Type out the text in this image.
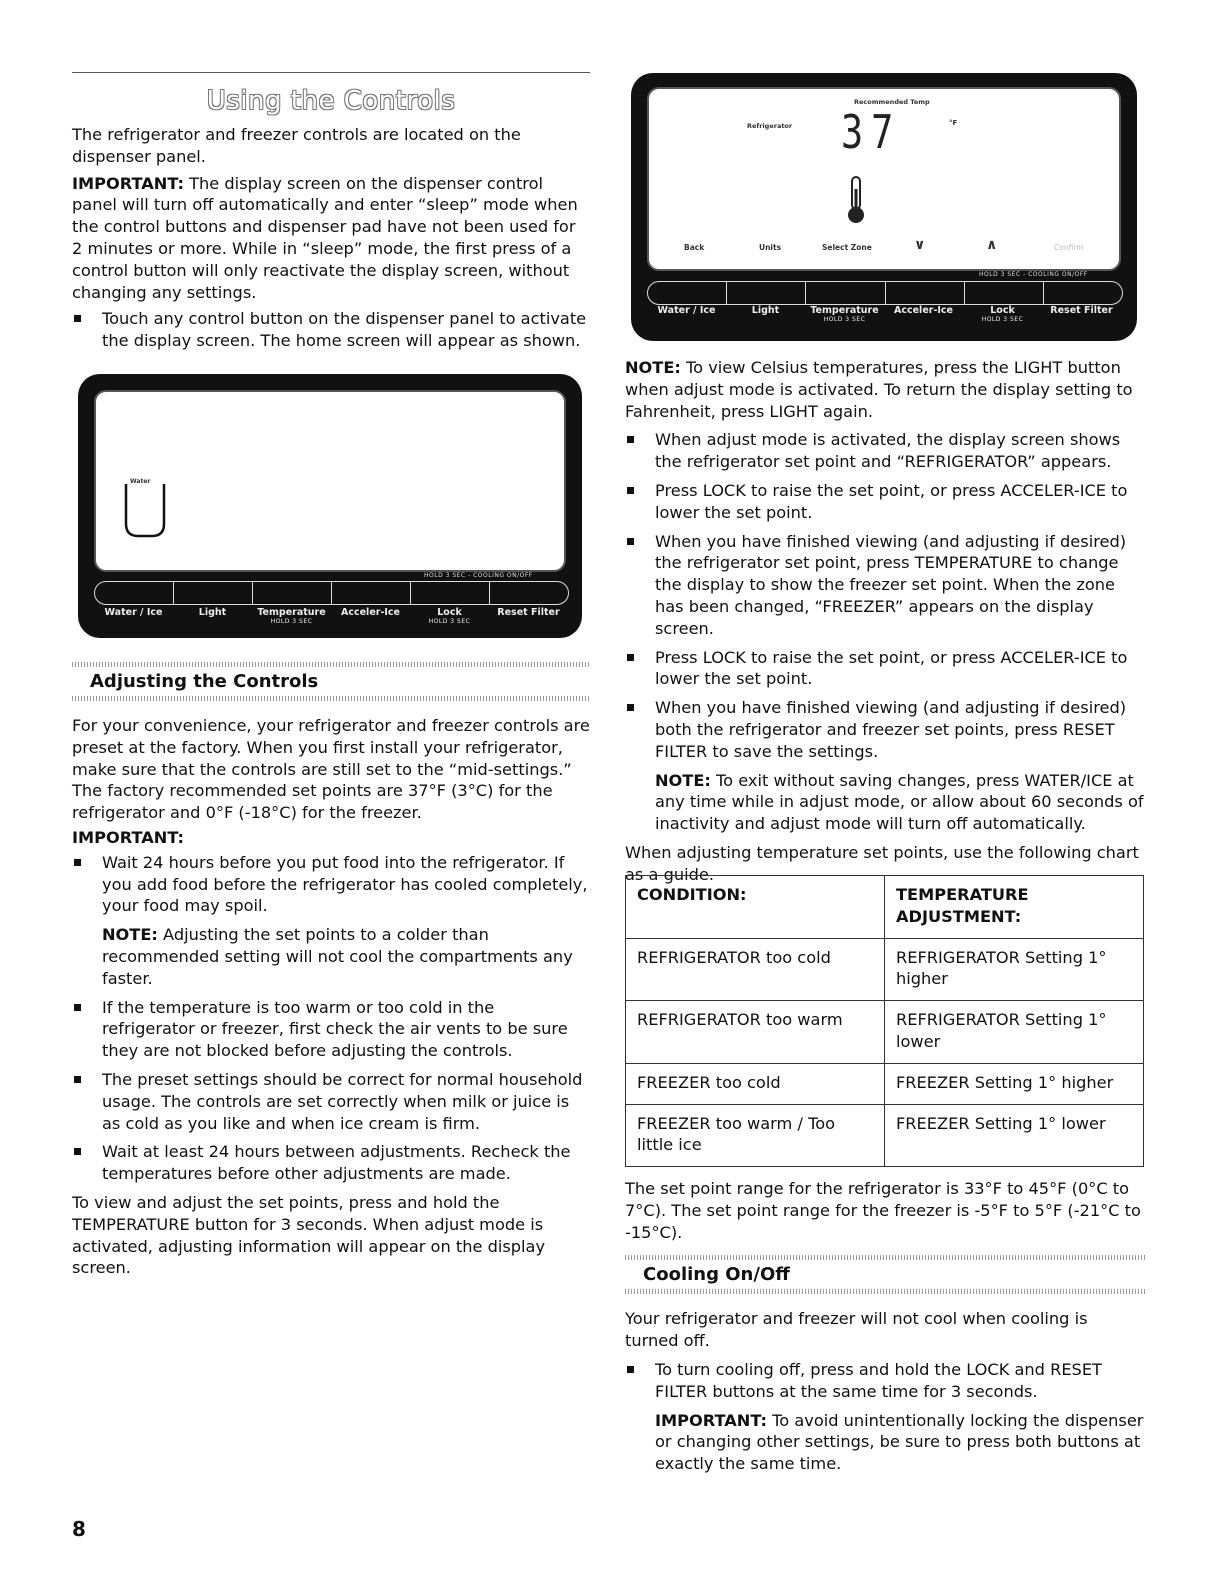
Using the Controls

The refrigerator and freezer controls are located on the dispenser panel.

IMPORTANT: The display screen on the dispenser control panel will turn off automatically and enter “sleep” mode when the control buttons and dispenser pad have not been used for 2 minutes or more. While in “sleep” mode, the first press of a control button will only reactivate the display screen, without changing any settings.

Touch any control button on the dispenser panel to activate the display screen. The home screen will appear as shown.
Water
HOLD 3 SEC - COOLING ON/OFF
Water / Ice	Light	Temperature
HOLD 3 SEC
Acceler-Ice	Lock
HOLD 3 SEC
Reset Filter
Adjusting the Controls

For your convenience, your refrigerator and freezer controls are preset at the factory. When you first install your refrigerator, make sure that the controls are still set to the “mid-settings.” The factory recommended set points are 37°F (3°C) for the refrigerator and 0°F (-18°C) for the freezer.

IMPORTANT:

Wait 24 hours before you put food into the refrigerator. If you add food before the refrigerator has cooled completely, your food may spoil.

NOTE: Adjusting the set points to a colder than recommended setting will not cool the compartments any faster.

If the temperature is too warm or too cold in the refrigerator or freezer, first check the air vents to be sure they are not blocked before adjusting the controls.
The preset settings should be correct for normal household usage. The controls are set correctly when milk or juice is as cold as you like and when ice cream is firm.
Wait at least 24 hours between adjustments. Recheck the temperatures before other adjustments are made.

To view and adjust the set points, press and hold the TEMPERATURE button for 3 seconds. When adjust mode is activated, adjusting information will appear on the display screen.

8
Recommended Temp
Refrigerator 37	°F
Back	Units	Select Zone	∨	∧	Confirm
HOLD 3 SEC - COOLING ON/OFF
Water / Ice	Light	Temperature
HOLD 3 SEC
Acceler-Ice	Lock
HOLD 3 SEC
Reset Filter

NOTE: To view Celsius temperatures, press the LIGHT button when adjust mode is activated. To return the display setting to Fahrenheit, press LIGHT again.

When adjust mode is activated, the display screen shows the refrigerator set point and “REFRIGERATOR” appears.
Press LOCK to raise the set point, or press ACCELER-ICE to lower the set point.
When you have finished viewing (and adjusting if desired) the refrigerator set point, press TEMPERATURE to change the display to show the freezer set point. When the zone has been changed, “FREEZER” appears on the display screen.
Press LOCK to raise the set point, or press ACCELER-ICE to lower the set point.
When you have finished viewing (and adjusting if desired) both the refrigerator and freezer set points, press RESET FILTER to save the settings.

NOTE: To exit without saving changes, press WATER/ICE at any time while in adjust mode, or allow about 60 seconds of inactivity and adjust mode will turn off automatically.

When adjusting temperature set points, use the following chart as a guide.

CONDITION:	TEMPERATURE ADJUSTMENT:
REFRIGERATOR too cold	REFRIGERATOR Setting 1° higher
REFRIGERATOR too warm	REFRIGERATOR Setting 1° lower
FREEZER too cold	FREEZER Setting 1° higher
FREEZER too warm / Too little ice	FREEZER Setting 1° lower

The set point range for the refrigerator is 33°F to 45°F (0°C to 7°C). The set point range for the freezer is -5°F to 5°F (-21°C to -15°C).

Cooling On/Off

Your refrigerator and freezer will not cool when cooling is turned off.

To turn cooling off, press and hold the LOCK and RESET FILTER buttons at the same time for 3 seconds.

IMPORTANT: To avoid unintentionally locking the dispenser or changing other settings, be sure to press both buttons at exactly the same time.
